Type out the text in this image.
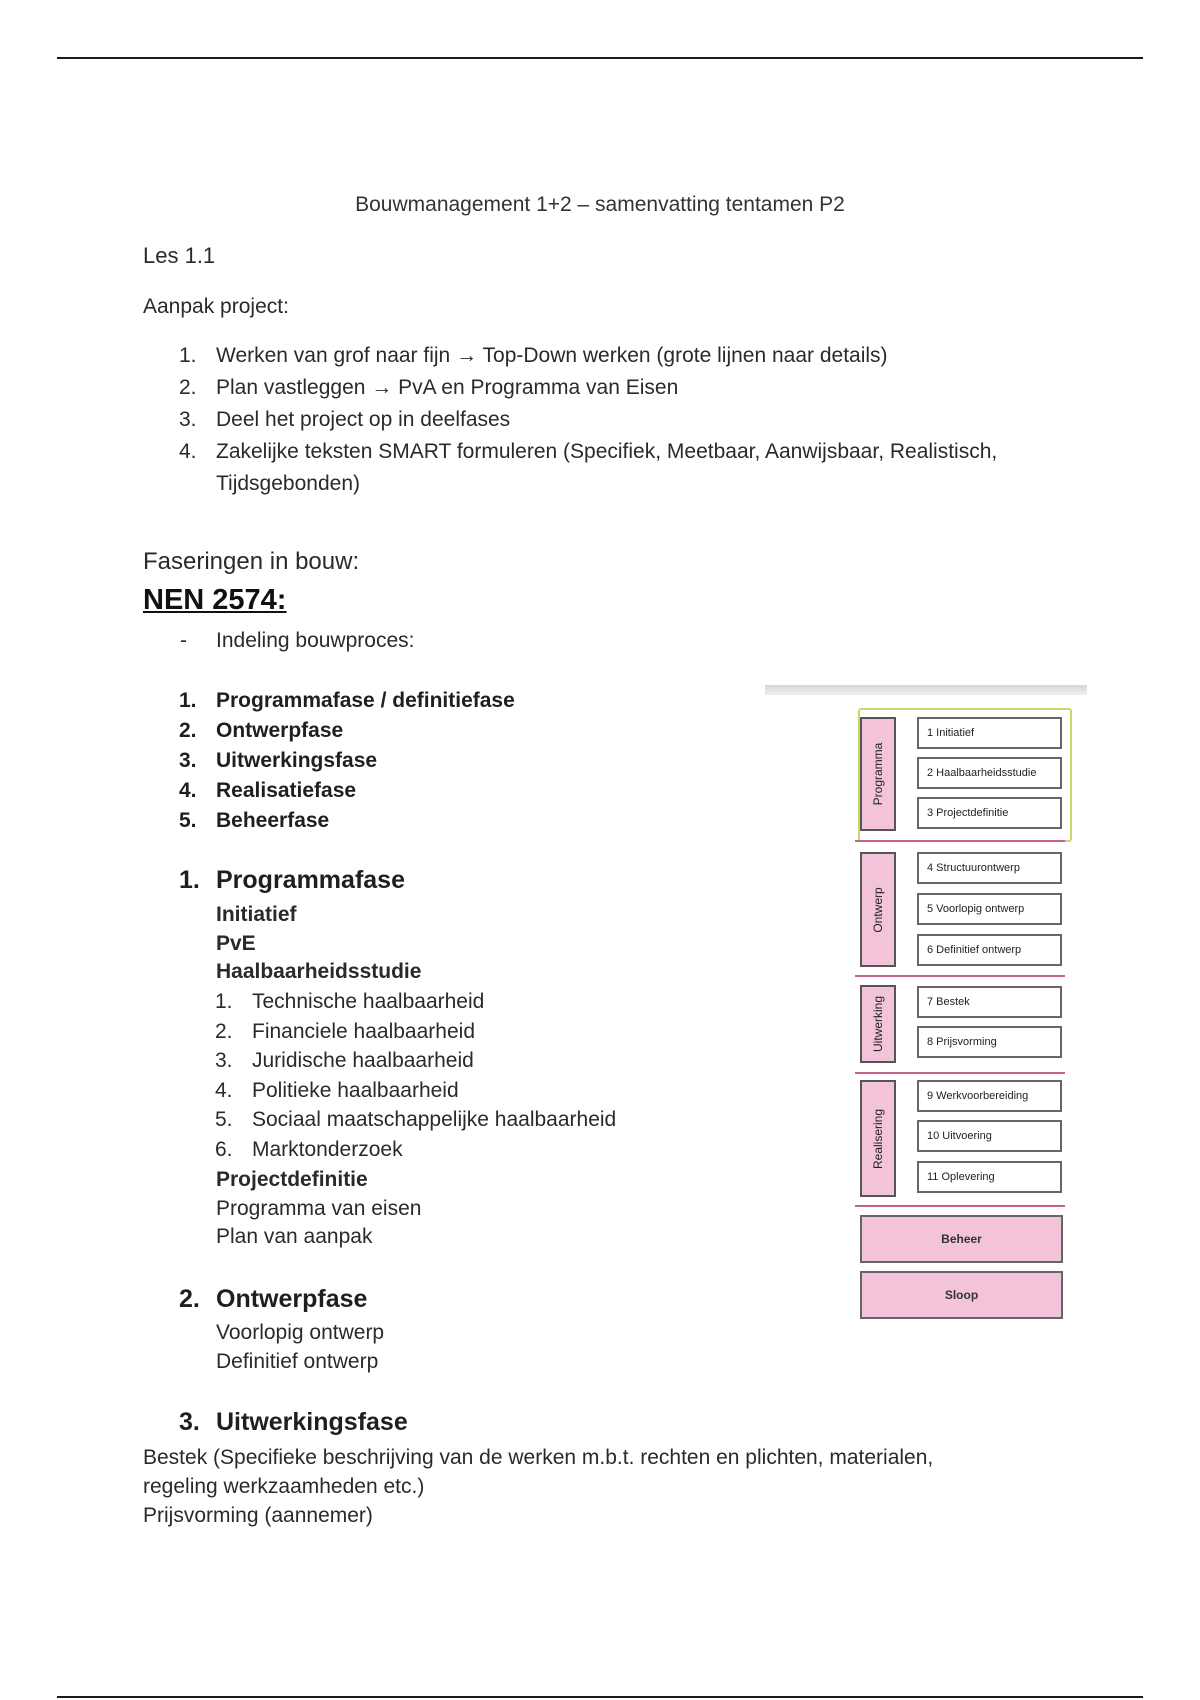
Bouwmanagement 1+2 – samenvatting tentamen P2
Les 1.1
Aanpak project:
1. Werken van grof naar fijn → Top-Down werken (grote lijnen naar details)
2. Plan vastleggen → PvA en Programma van Eisen
3. Deel het project op in deelfases
4. Zakelijke teksten SMART formuleren (Specifiek, Meetbaar, Aanwijsbaar, Realistisch, Tijdsgebonden)
Faseringen in bouw:
NEN 2574:
- Indeling bouwproces:
1. Programmafase / definitiefase
2. Ontwerpfase
3. Uitwerkingsfase
4. Realisatiefase
5. Beheerfase
1. Programmafase
Initiatief
PvE
Haalbaarheidsstudie
1. Technische haalbaarheid
2. Financiele haalbaarheid
3. Juridische haalbaarheid
4. Politieke haalbaarheid
5. Sociaal maatschappelijke haalbaarheid
6. Marktonderzoek
Projectdefinitie
Programma van eisen
Plan van aanpak
2. Ontwerpfase
Voorlopig ontwerp
Definitief ontwerp
3. Uitwerkingsfase
Bestek (Specifieke beschrijving van de werken m.b.t. rechten en plichten, materialen,
regeling werkzaamheden etc.)
Prijsvorming (aannemer)
Programma
Ontwerp
Uitwerking
Realisering
1 Initiatief
2 Haalbaarheidsstudie
3 Projectdefinitie
4 Structuurontwerp
5 Voorlopig ontwerp
6 Definitief ontwerp
7 Bestek
8 Prijsvorming
9 Werkvoorbereiding
10 Uitvoering
11 Oplevering
Beheer
Sloop
